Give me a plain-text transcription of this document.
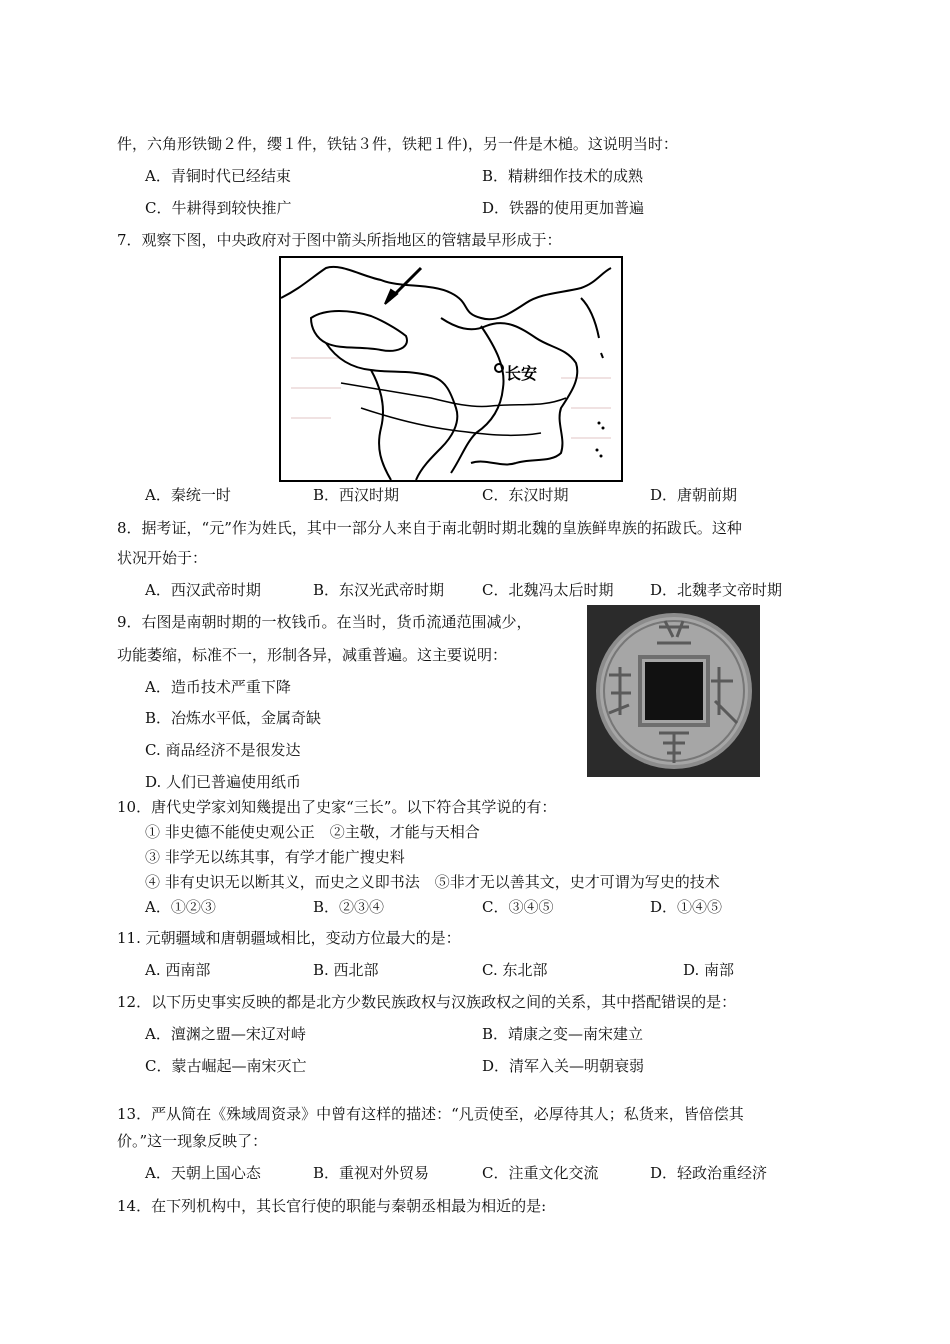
件，六角形铁锄２件，缨１件，铁钴３件，铁耙１件)，另一件是木槌。这说明当时：
A．青铜时代已经结束	B．精耕细作技术的成熟
C．牛耕得到较快推广	D．铁器的使用更加普遍
7．观察下图，中央政府对于图中箭头所指地区的管辖最早形成于：
长安
A．秦统一时	B．西汉时期	C．东汉时期	D．唐朝前期
8．据考证，“元”作为姓氏，其中一部分人来自于南北朝时期北魏的皇族鲜卑族的拓跋氏。这种
状况开始于：
A．西汉武帝时期	B．东汉光武帝时期	C．北魏冯太后时期 D．北魏孝文帝时期
9．右图是南朝时期的一枚钱币。在当时，货币流通范围减少，
功能萎缩，标准不一，形制各异，减重普遍。这主要说明：
A．造币技术严重下降
B．冶炼水平低，金属奇缺
C. 商品经济不是很发达
D. 人们已普遍使用纸币
10．唐代史学家刘知幾提出了史家“三长”。以下符合其学说的有：
① 非史德不能使史观公正　②主敬，才能与天相合
③ 非学无以练其事，有学才能广搜史料
④ 非有史识无以断其义，而史之义即书法　⑤非才无以善其文，史才可谓为写史的技术
A．①②③	B．②③④	C．③④⑤	D．①④⑤
11. 元朝疆域和唐朝疆域相比，变动方位最大的是：
A. 西南部	B. 西北部	C. 东北部	D. 南部
12．以下历史事实反映的都是北方少数民族政权与汉族政权之间的关系，其中搭配错误的是：
A．澶渊之盟—宋辽对峙	B．靖康之变—南宋建立
C．蒙古崛起—南宋灭亡	D．清军入关—明朝衰弱
13．严从简在《殊域周资录》中曾有这样的描述：“凡贡使至，必厚待其人；私货来，皆倍偿其
价。”这一现象反映了：
A．天朝上国心态	B．重视对外贸易	C．注重文化交流	D．轻政治重经济
14．在下列机构中，其长官行使的职能与秦朝丞相最为相近的是:
